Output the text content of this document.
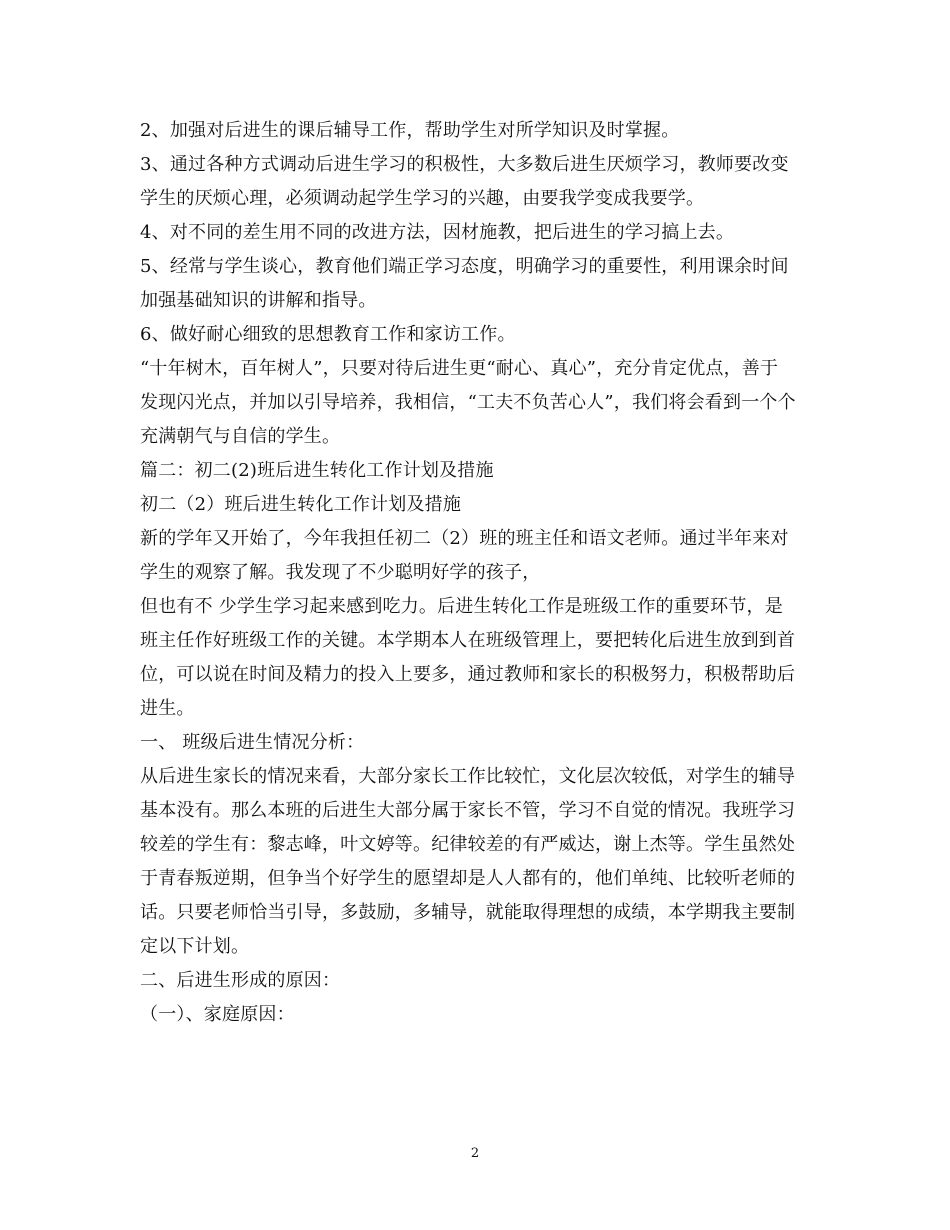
2、加强对后进生的课后辅导工作，帮助学生对所学知识及时掌握。
3、通过各种方式调动后进生学习的积极性，大多数后进生厌烦学习，教师要改变
学生的厌烦心理，必须调动起学生学习的兴趣，由要我学变成我要学。
4、对不同的差生用不同的改进方法，因材施教，把后进生的学习搞上去。
5、经常与学生谈心，教育他们端正学习态度，明确学习的重要性，利用课余时间
加强基础知识的讲解和指导。
6、做好耐心细致的思想教育工作和家访工作。
“十年树木，百年树人”，只要对待后进生更“耐心、真心”，充分肯定优点，善于
发现闪光点，并加以引导培养，我相信，“工夫不负苦心人”，我们将会看到一个个
充满朝气与自信的学生。
篇二：初二(2)班后进生转化工作计划及措施
初二（2）班后进生转化工作计划及措施
新的学年又开始了，今年我担任初二（2）班的班主任和语文老师。通过半年来对
学生的观察了解。我发现了不少聪明好学的孩子，
但也有不 少学生学习起来感到吃力。后进生转化工作是班级工作的重要环节，是
班主任作好班级工作的关键。本学期本人在班级管理上，要把转化后进生放到到首
位，可以说在时间及精力的投入上要多，通过教师和家长的积极努力，积极帮助后
进生。
一、 班级后进生情况分析：
从后进生家长的情况来看，大部分家长工作比较忙，文化层次较低，对学生的辅导
基本没有。那么本班的后进生大部分属于家长不管，学习不自觉的情况。我班学习
较差的学生有：黎志峰，叶文婷等。纪律较差的有严威达，谢上杰等。学生虽然处
于青春叛逆期，但争当个好学生的愿望却是人人都有的，他们单纯、比较听老师的
话。只要老师恰当引导，多鼓励，多辅导，就能取得理想的成绩，本学期我主要制
定以下计划。
二、后进生形成的原因：
（一）、家庭原因：
2
